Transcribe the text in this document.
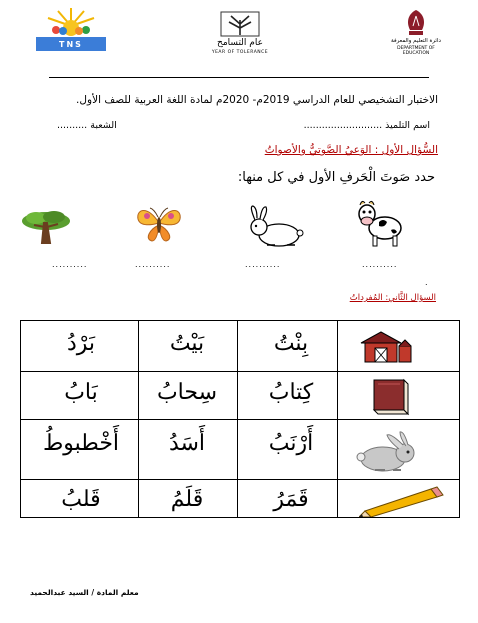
TNS	عام التسامح
YEAR OF TOLERANCE
دائرة التعليم والمعرفة
DEPARTMENT OF EDUCATION
الاختبار التشخيصي للعام الدراسي 2019م- 2020م لمادة اللغة العربية للصف الأول.
اسم التلميذ ..........................
الشعبة ..........
السُّؤال الأول : الوَعيُ الصَّوتيُّ والأصواتُ
حدد صَوتَ الْحَرفِ الأول في كل منها:
..........
..........
..........
..........
.
السؤال الثَّاني: المُفرداتُ
بِنْتُ
بَيْتُ
بَرْدُ
كِتابُ
سِحابُ
بَابُ
أَرْنَبُ
أَسَدُ
أَخْطبوطُ
قَمَرُ
قَلَمُ
قَلبُ
معلم المادة / السيد عبدالحميد
